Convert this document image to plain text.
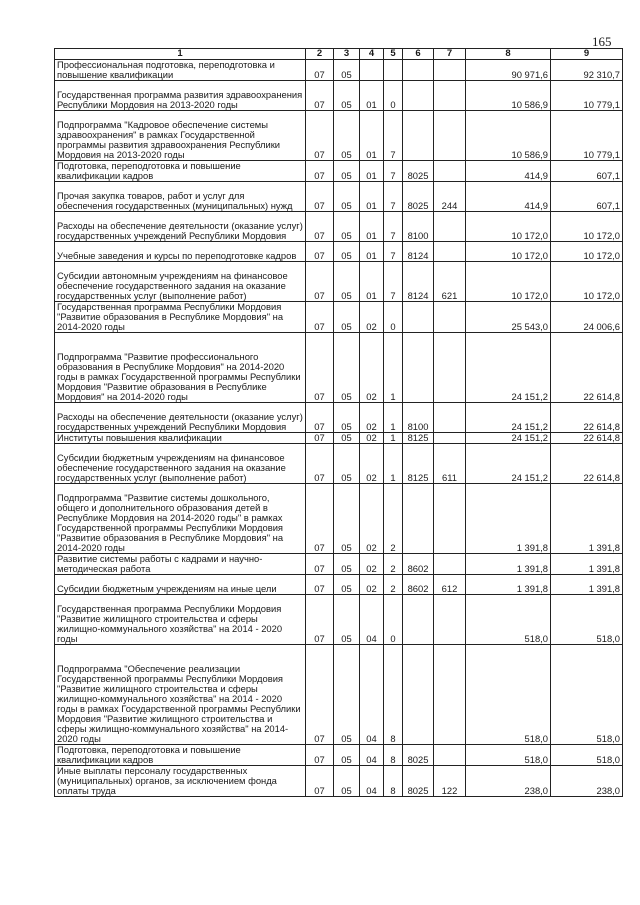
165
1	2	3	4	5	6	7	8	9
Профессиональная подготовка, переподготовка и повышение квалификации	07	05					90 971,6	92 310,7
Государственная программа развития здравоохранения Республики Мордовия на 2013-2020 годы	07	05	01	0			10 586,9	10 779,1
Подпрограмма "Кадровое обеспечение системы здравоохранения" в рамках Государственной программы развития здравоохранения Республики Мордовия на 2013-2020 годы	07	05	01	7			10 586,9	10 779,1
Подготовка, переподготовка и повышение квалификации кадров	07	05	01	7	8025		414,9	607,1
Прочая закупка товаров, работ и услуг для обеспечения государственных (муниципальных) нужд	07	05	01	7	8025	244	414,9	607,1
Расходы на обеспечение деятельности (оказание услуг) государственных учреждений Республики Мордовия	07	05	01	7	8100		10 172,0	10 172,0
Учебные заведения и курсы по переподготовке кадров	07	05	01	7	8124		10 172,0	10 172,0
Субсидии автономным учреждениям на финансовое обеспечение государственного задания на оказание государственных услуг (выполнение работ)	07	05	01	7	8124	621	10 172,0	10 172,0
Государственная программа Республики Мордовия "Развитие образования в Республике Мордовия" на 2014-2020 годы	07	05	02	0			25 543,0	24 006,6
Подпрограмма "Развитие профессионального образования в Республике Мордовия" на 2014-2020 годы в рамках Государственной программы Республики Мордовия "Развитие образования в Республике Мордовия" на 2014-2020 годы	07	05	02	1			24 151,2	22 614,8
Расходы на обеспечение деятельности (оказание услуг) государственных учреждений Республики Мордовия	07	05	02	1	8100		24 151,2	22 614,8
Институты повышения квалификации	07	05	02	1	8125		24 151,2	22 614,8
Субсидии бюджетным учреждениям на финансовое обеспечение государственного задания на оказание государственных услуг (выполнение работ)	07	05	02	1	8125	611	24 151,2	22 614,8
Подпрограмма "Развитие системы дошкольного, общего и дополнительного образования детей в Республике Мордовия на 2014-2020 годы" в рамках Государственной программы Республики Мордовия "Развитие образования в Республике Мордовия" на 2014-2020 годы	07	05	02	2			1 391,8	1 391,8
Развитие системы работы с кадрами и научно-методическая работа	07	05	02	2	8602		1 391,8	1 391,8
Субсидии бюджетным учреждениям на иные цели	07	05	02	2	8602	612	1 391,8	1 391,8
Государственная программа Республики Мордовия "Развитие жилищного строительства и сферы жилищно-коммунального хозяйства" на 2014 - 2020 годы	07	05	04	0			518,0	518,0
Подпрограмма "Обеспечение реализации Государственной программы Республики Мордовия "Развитие жилищного строительства и сферы жилищно-коммунального хозяйства" на 2014 - 2020 годы в рамках Государственной программы Республики Мордовия "Развитие жилищного строительства и сферы жилищно-коммунального хозяйства" на 2014-2020 годы	07	05	04	8			518,0	518,0
Подготовка, переподготовка и повышение квалификации кадров	07	05	04	8	8025		518,0	518,0
Иные выплаты персоналу государственных (муниципальных) органов, за исключением фонда оплаты труда	07	05	04	8	8025	122	238,0	238,0
